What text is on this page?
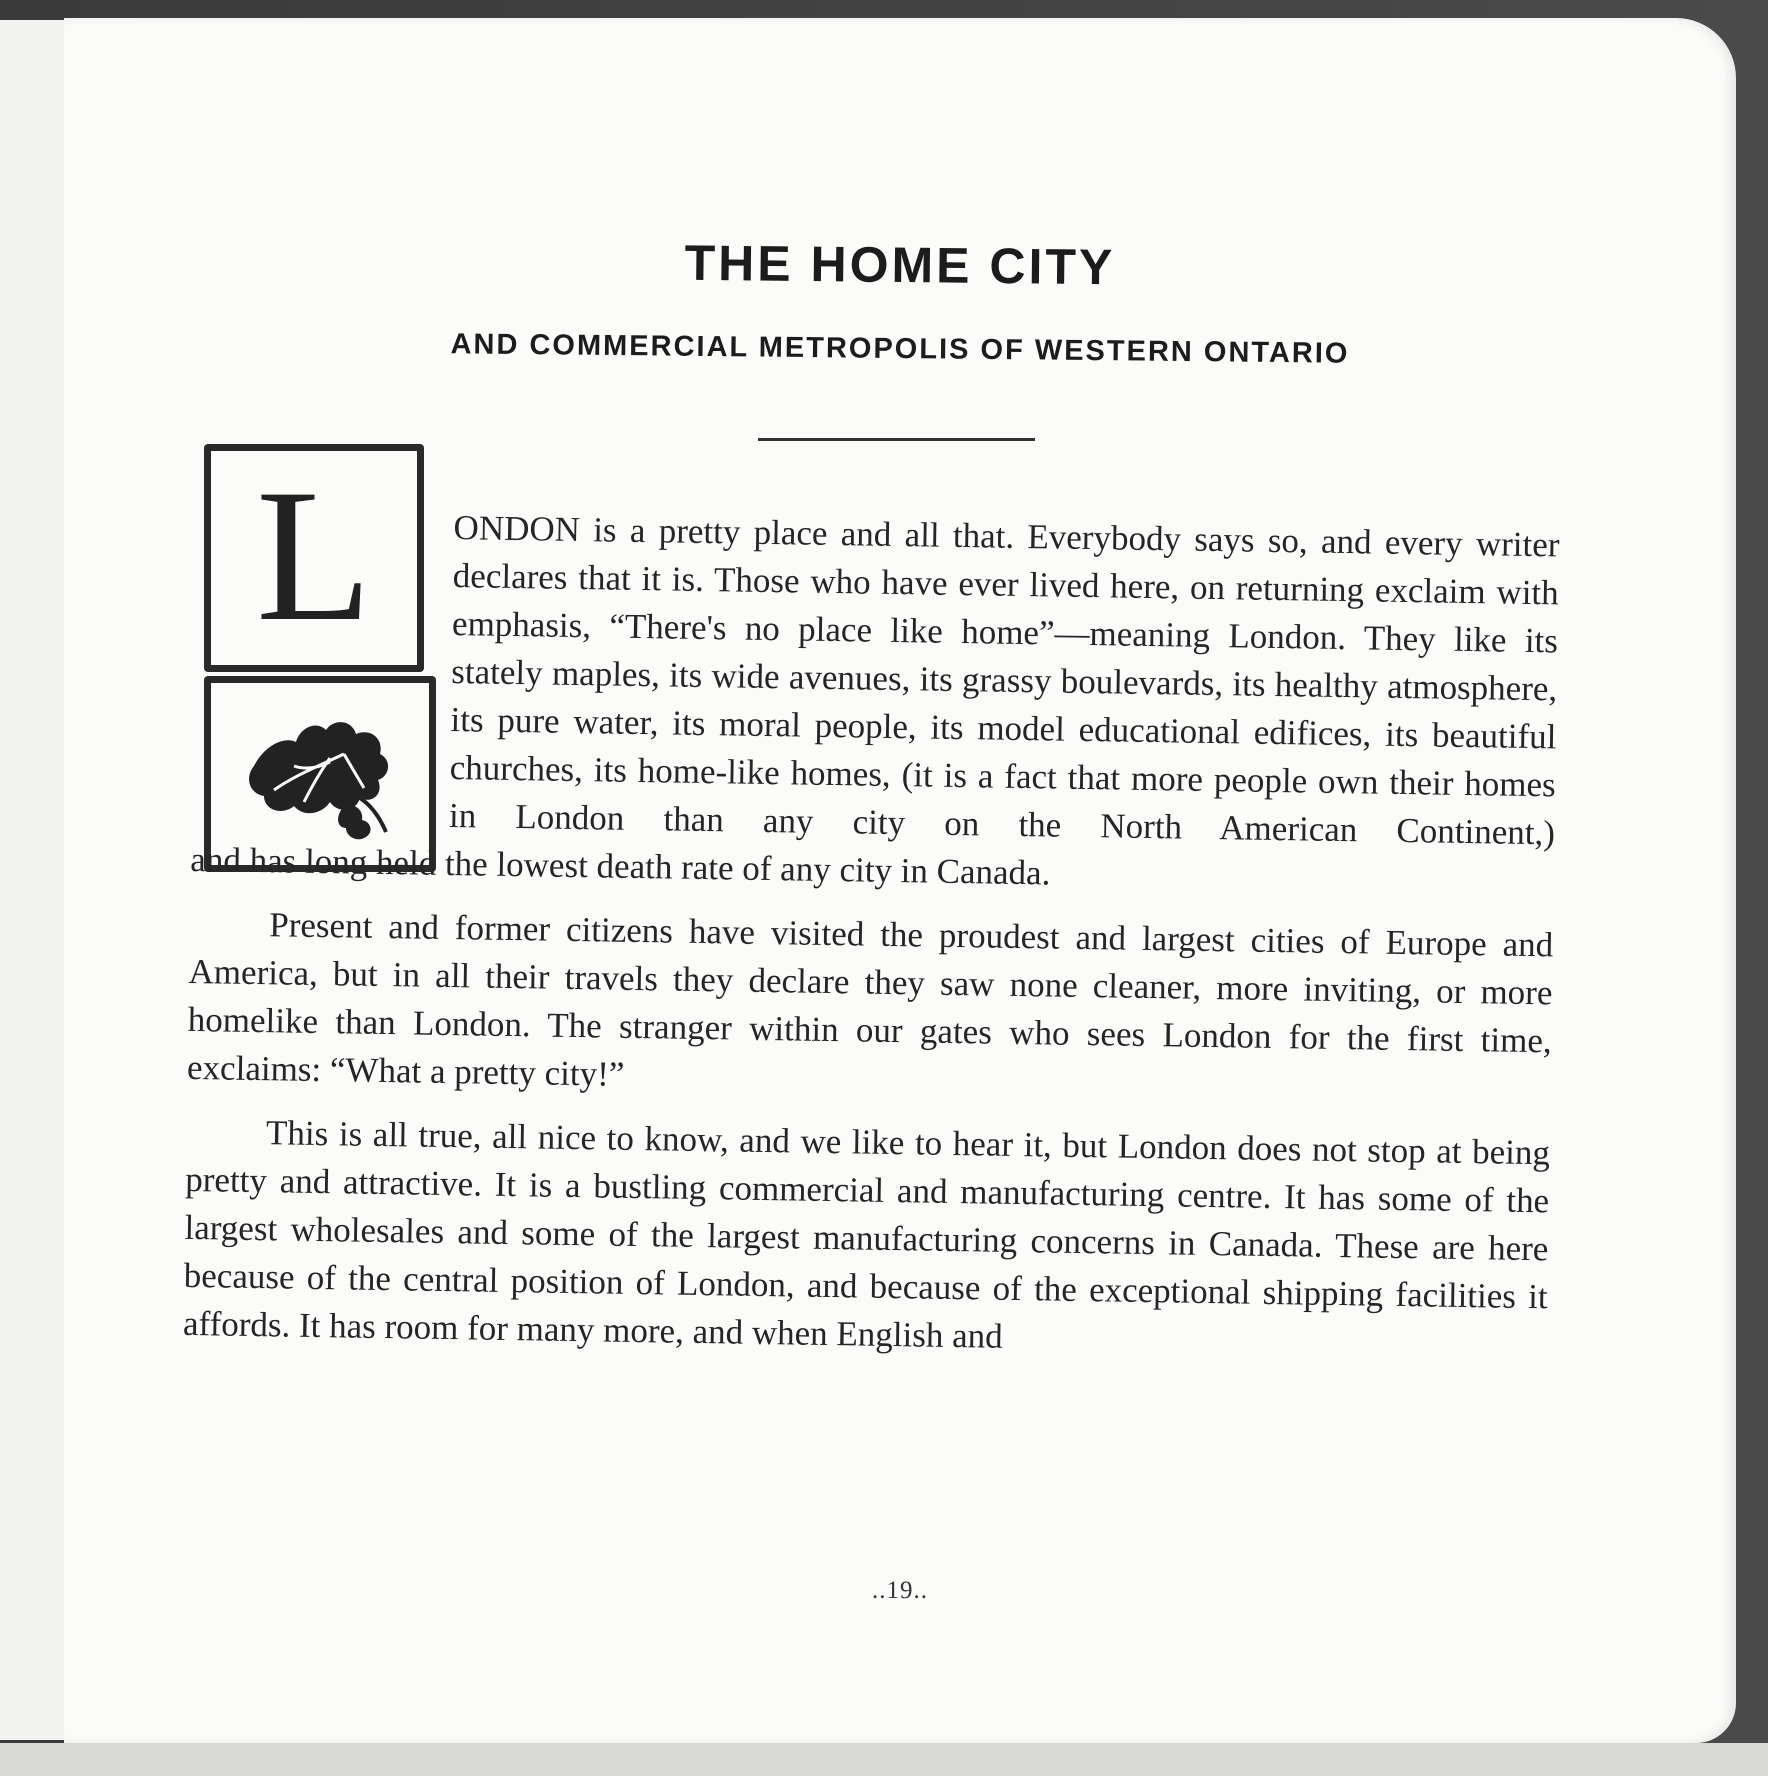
THE HOME CITY
AND COMMERCIAL METROPOLIS OF WESTERN ONTARIO
L	ONDON is a pretty place and all that. Everybody says so, and every writer declares that it is. Those who have ever lived here, on returning exclaim with emphasis, “There's no place like home”—meaning London. They like its stately maples, its wide avenues, its grassy boulevards, its healthy atmosphere, its pure water, its moral people, its model educational edifices, its beautiful churches, its home-like homes, (it is a fact that more people own their homes in London than any city on the North American Continent,)
and has long held the lowest death rate of any city in Canada.

Present and former citizens have visited the proudest and largest cities of Europe and America, but in all their travels they declare they saw none cleaner, more inviting, or more homelike than London. The stranger within our gates who sees London for the first time, exclaims: “What a pretty city!”

This is all true, all nice to know, and we like to hear it, but London does not stop at being pretty and attractive. It is a bustling commercial and manufacturing centre. It has some of the largest wholesales and some of the largest manufacturing concerns in Canada. These are here because of the central position of London, and because of the exceptional shipping facilities it affords. It has room for many more, and when English and

..19..
